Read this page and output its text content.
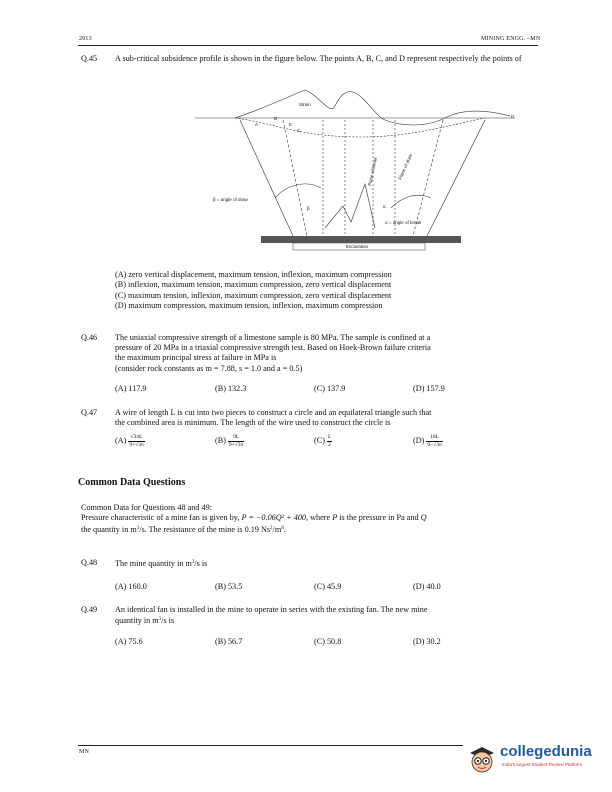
2013	MINING ENGG. –MN
Q.45 A sub-critical subsidence profile is shown in the figure below. The points A, B, C, and D represent respectively the points of
Strain
A
B
C
D
E
β = angle of draw
α = angle of break
β	α
Plane of break	Plane of draw
Excavation
(A) zero vertical displacement, maximum tension, inflexion, maximum compression
(B) inflexion, maximum tension, maximum compression, zero vertical displacement
(C) maximum tension, inflexion, maximum compression, zero vertical displacement
(D) maximum compression, maximum tension, inflexion, maximum compression
Q.46 The uniaxial compressive strength of a limestone sample is 80 MPa. The sample is confined at a
pressure of 20 MPa in a triaxial compressive strength test. Based on Hoek-Brown failure criteria
the maximum principal stress at failure in MPa is
(consider rock constants as m = 7.88, s = 1.0 and a = 0.5)
(A) 117.9	(B) 132.3	(C) 137.9	(D) 157.9
Q.47 A wire of length L is cut into two pieces to construct a circle and an equilateral triangle such that
the combined area is minimum. The length of the wire used to construct the circle is
$(A) \frac{√3\pi L}{9+√3\pi}$	$(B) \frac{9L}{9+√3\pi}$	$(C) \frac{L}{2}$	$(D) \frac{18L}{9-√3\pi}$
Common Data Questions
Common Data for Questions 48 and 49:
Pressure characteristic of a mine fan is given by, P = −0.06Q² + 400, where P is the pressure in Pa and Q
the quantity in $m^3/s$. The resistance of the mine is 0.19 $Ns^2/m^8$.
Q.48 The mine quantity in $m^3/s$ is
(A) 160.0	(B) 53.5	(C) 45.9	(D) 40.0
Q.49 An identical fan is installed in the mine to operate in series with the existing fan. The new mine
quantity in $m^3/s$ is
(A) 75.6	(B) 56.7	(C) 50.8	(D) 30.2
MN	collegedunia
India's largest Student Review Platform
